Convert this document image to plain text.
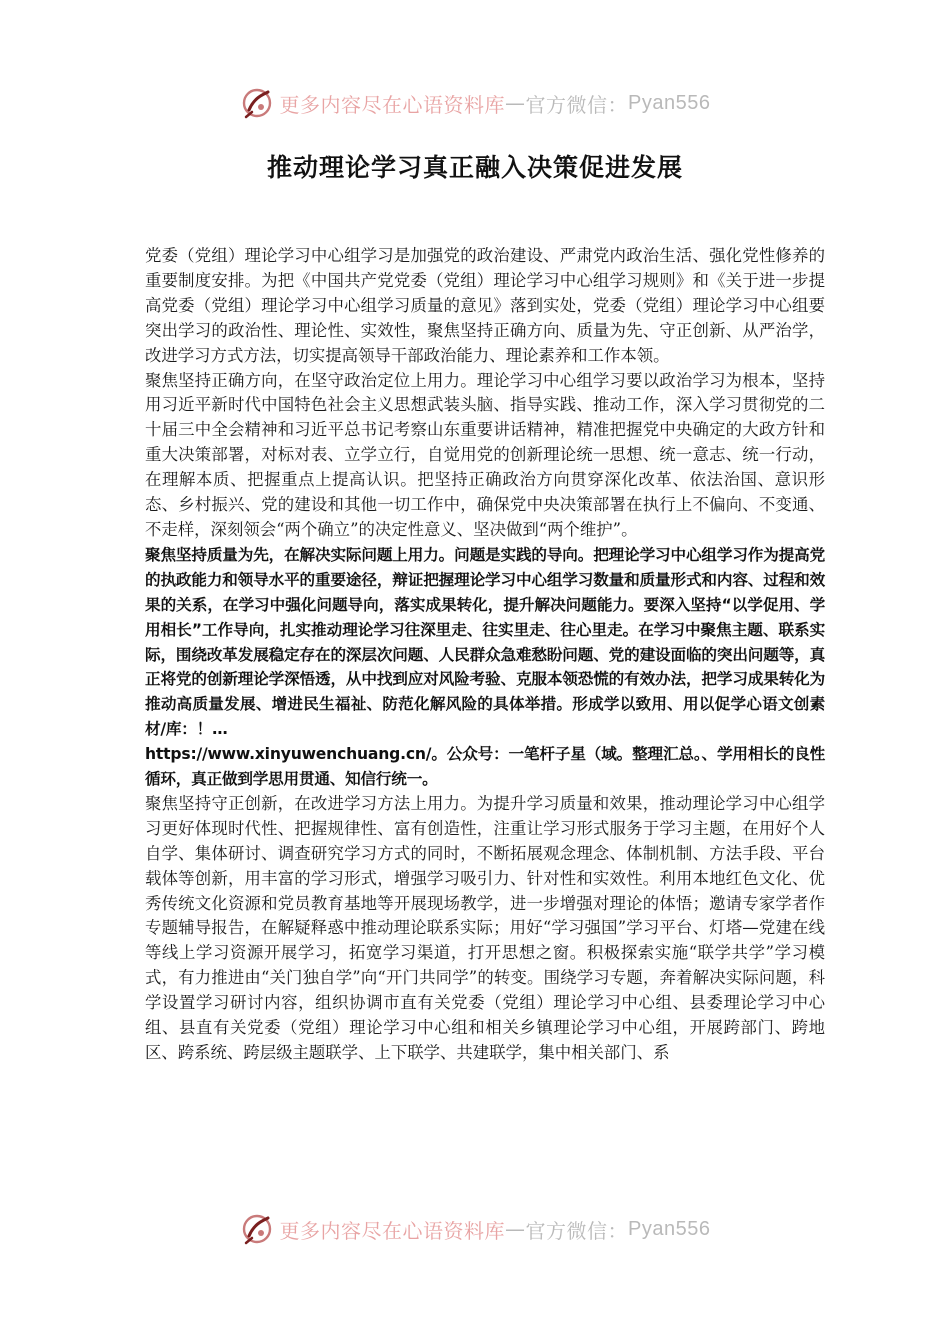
更多内容尽在心语资料库 — 官方微信： Pyan556
推动理论学习真正融入决策促进发展

党委（党组）理论学习中心组学习是加强党的政治建设、严肃党内政治生活、强化党性修养的重要制度安排。为把《中国共产党党委（党组）理论学习中心组学习规则》和《关于进一步提高党委（党组）理论学习中心组学习质量的意见》落到实处，党委（党组）理论学习中心组要突出学习的政治性、理论性、实效性，聚焦坚持正确方向、质量为先、守正创新、从严治学，改进学习方式方法，切实提高领导干部政治能力、理论素养和工作本领。

聚焦坚持正确方向，在坚守政治定位上用力。理论学习中心组学习要以政治学习为根本，坚持用习近平新时代中国特色社会主义思想武装头脑、指导实践、推动工作，深入学习贯彻党的二十届三中全会精神和习近平总书记考察山东重要讲话精神，精准把握党中央确定的大政方针和重大决策部署，对标对表、立学立行，自觉用党的创新理论统一思想、统一意志、统一行动，在理解本质、把握重点上提高认识。把坚持正确政治方向贯穿深化改革、依法治国、意识形态、乡村振兴、党的建设和其他一切工作中，确保党中央决策部署在执行上不偏向、不变通、不走样，深刻领会“两个确立”的决定性意义、坚决做到“两个维护”。

聚焦坚持质量为先，在解决实际问题上用力。问题是实践的导向。把理论学习中心组学习作为提高党的执政能力和领导水平的重要途径，辩证把握理论学习中心组学习数量和质量形式和内容、过程和效果的关系，在学习中强化问题导向，落实成果转化，提升解决问题能力。要深入坚持“以学促用、学用相长”工作导向，扎实推动理论学习往深里走、往实里走、往心里走。在学习中聚焦主题、联系实际，围绕改革发展稳定存在的深层次问题、人民群众急难愁盼问题、党的建设面临的突出问题等，真正将党的创新理论学深悟透，从中找到应对风险考验、克服本领恐慌的有效办法，把学习成果转化为推动高质量发展、增进民生福祉、防范化解风险的具体举措。形成学以致用、用以促学心语文创素材/库：！…
https://www.xinyuwenchuang.cn/。公众号：一笔杆子星（域。整理汇总。、学用相长的良性循环，真正做到学思用贯通、知信行统一。

聚焦坚持守正创新，在改进学习方法上用力。为提升学习质量和效果，推动理论学习中心组学习更好体现时代性、把握规律性、富有创造性，注重让学习形式服务于学习主题，在用好个人自学、集体研讨、调查研究学习方式的同时，不断拓展观念理念、体制机制、方法手段、平台载体等创新，用丰富的学习形式，增强学习吸引力、针对性和实效性。利用本地红色文化、优秀传统文化资源和党员教育基地等开展现场教学，进一步增强对理论的体悟；邀请专家学者作专题辅导报告，在解疑释惑中推动理论联系实际；用好“学习强国”学习平台、灯塔—党建在线等线上学习资源开展学习，拓宽学习渠道，打开思想之窗。积极探索实施“联学共学”学习模式，有力推进由“关门独自学”向“开门共同学”的转变。围绕学习专题，奔着解决实际问题，科学设置学习研讨内容，组织协调市直有关党委（党组）理论学习中心组、县委理论学习中心组、县直有关党委（党组）理论学习中心组和相关乡镇理论学习中心组，开展跨部门、跨地区、跨系统、跨层级主题联学、上下联学、共建联学，集中相关部门、系

更多内容尽在心语资料库 — 官方微信： Pyan556
